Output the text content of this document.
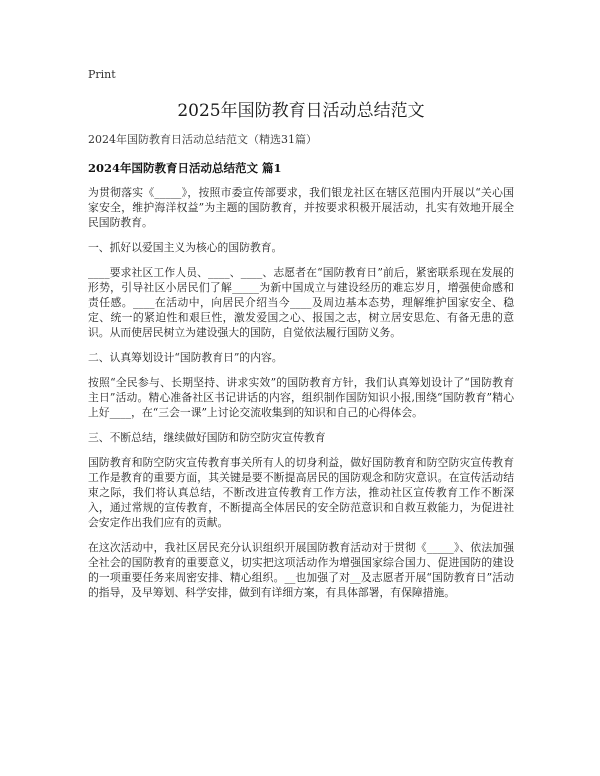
Print
2025年国防教育日活动总结范文
2024年国防教育日活动总结范文（精选31篇）
2024年国防教育日活动总结范文 篇1

为贯彻落实《_____》，按照市委宣传部要求，我们银龙社区在辖区范围内开展以“关心国家安全，维护海洋权益”为主题的国防教育，并按要求积极开展活动，扎实有效地开展全民国防教育。

一、抓好以爱国主义为核心的国防教育。

____要求社区工作人员、____、____、志愿者在“国防教育日”前后，紧密联系现在发展的形势，引导社区小居民们了解_____为新中国成立与建设经历的难忘岁月，增强使命感和责任感。____在活动中，向居民介绍当今____及周边基本态势，理解维护国家安全、稳定、统一的紧迫性和艰巨性，激发爱国之心、报国之志，树立居安思危、有备无患的意识。从而使居民树立为建设强大的国防，自觉依法履行国防义务。

二、认真筹划设计“国防教育日”的内容。

按照“全民参与、长期坚持、讲求实效”的国防教育方针，我们认真筹划设计了“国防教育主日”活动。精心准备社区书记讲话的内容，组织制作国防知识小报,围绕“国防教育”精心上好____，在“三会一课”上讨论交流收集到的知识和自己的心得体会。

三、不断总结，继续做好国防和防空防灾宣传教育

国防教育和防空防灾宣传教育事关所有人的切身利益，做好国防教育和防空防灾宣传教育工作是教育的重要方面，其关键是要不断提高居民的国防观念和防灾意识。在宣传活动结束之际，我们将认真总结，不断改进宣传教育工作方法，推动社区宣传教育工作不断深入，通过常规的宣传教育，不断提高全体居民的安全防范意识和自救互救能力，为促进社会安定作出我们应有的贡献。

在这次活动中，我社区居民充分认识组织开展国防教育活动对于贯彻《_____》、依法加强全社会的国防教育的重要意义，切实把这项活动作为增强国家综合国力、促进国防的建设的一项重要任务来周密安排、精心组织。__也加强了对__及志愿者开展“国防教育日”活动的指导，及早筹划、科学安排，做到有详细方案，有具体部署，有保障措施。
